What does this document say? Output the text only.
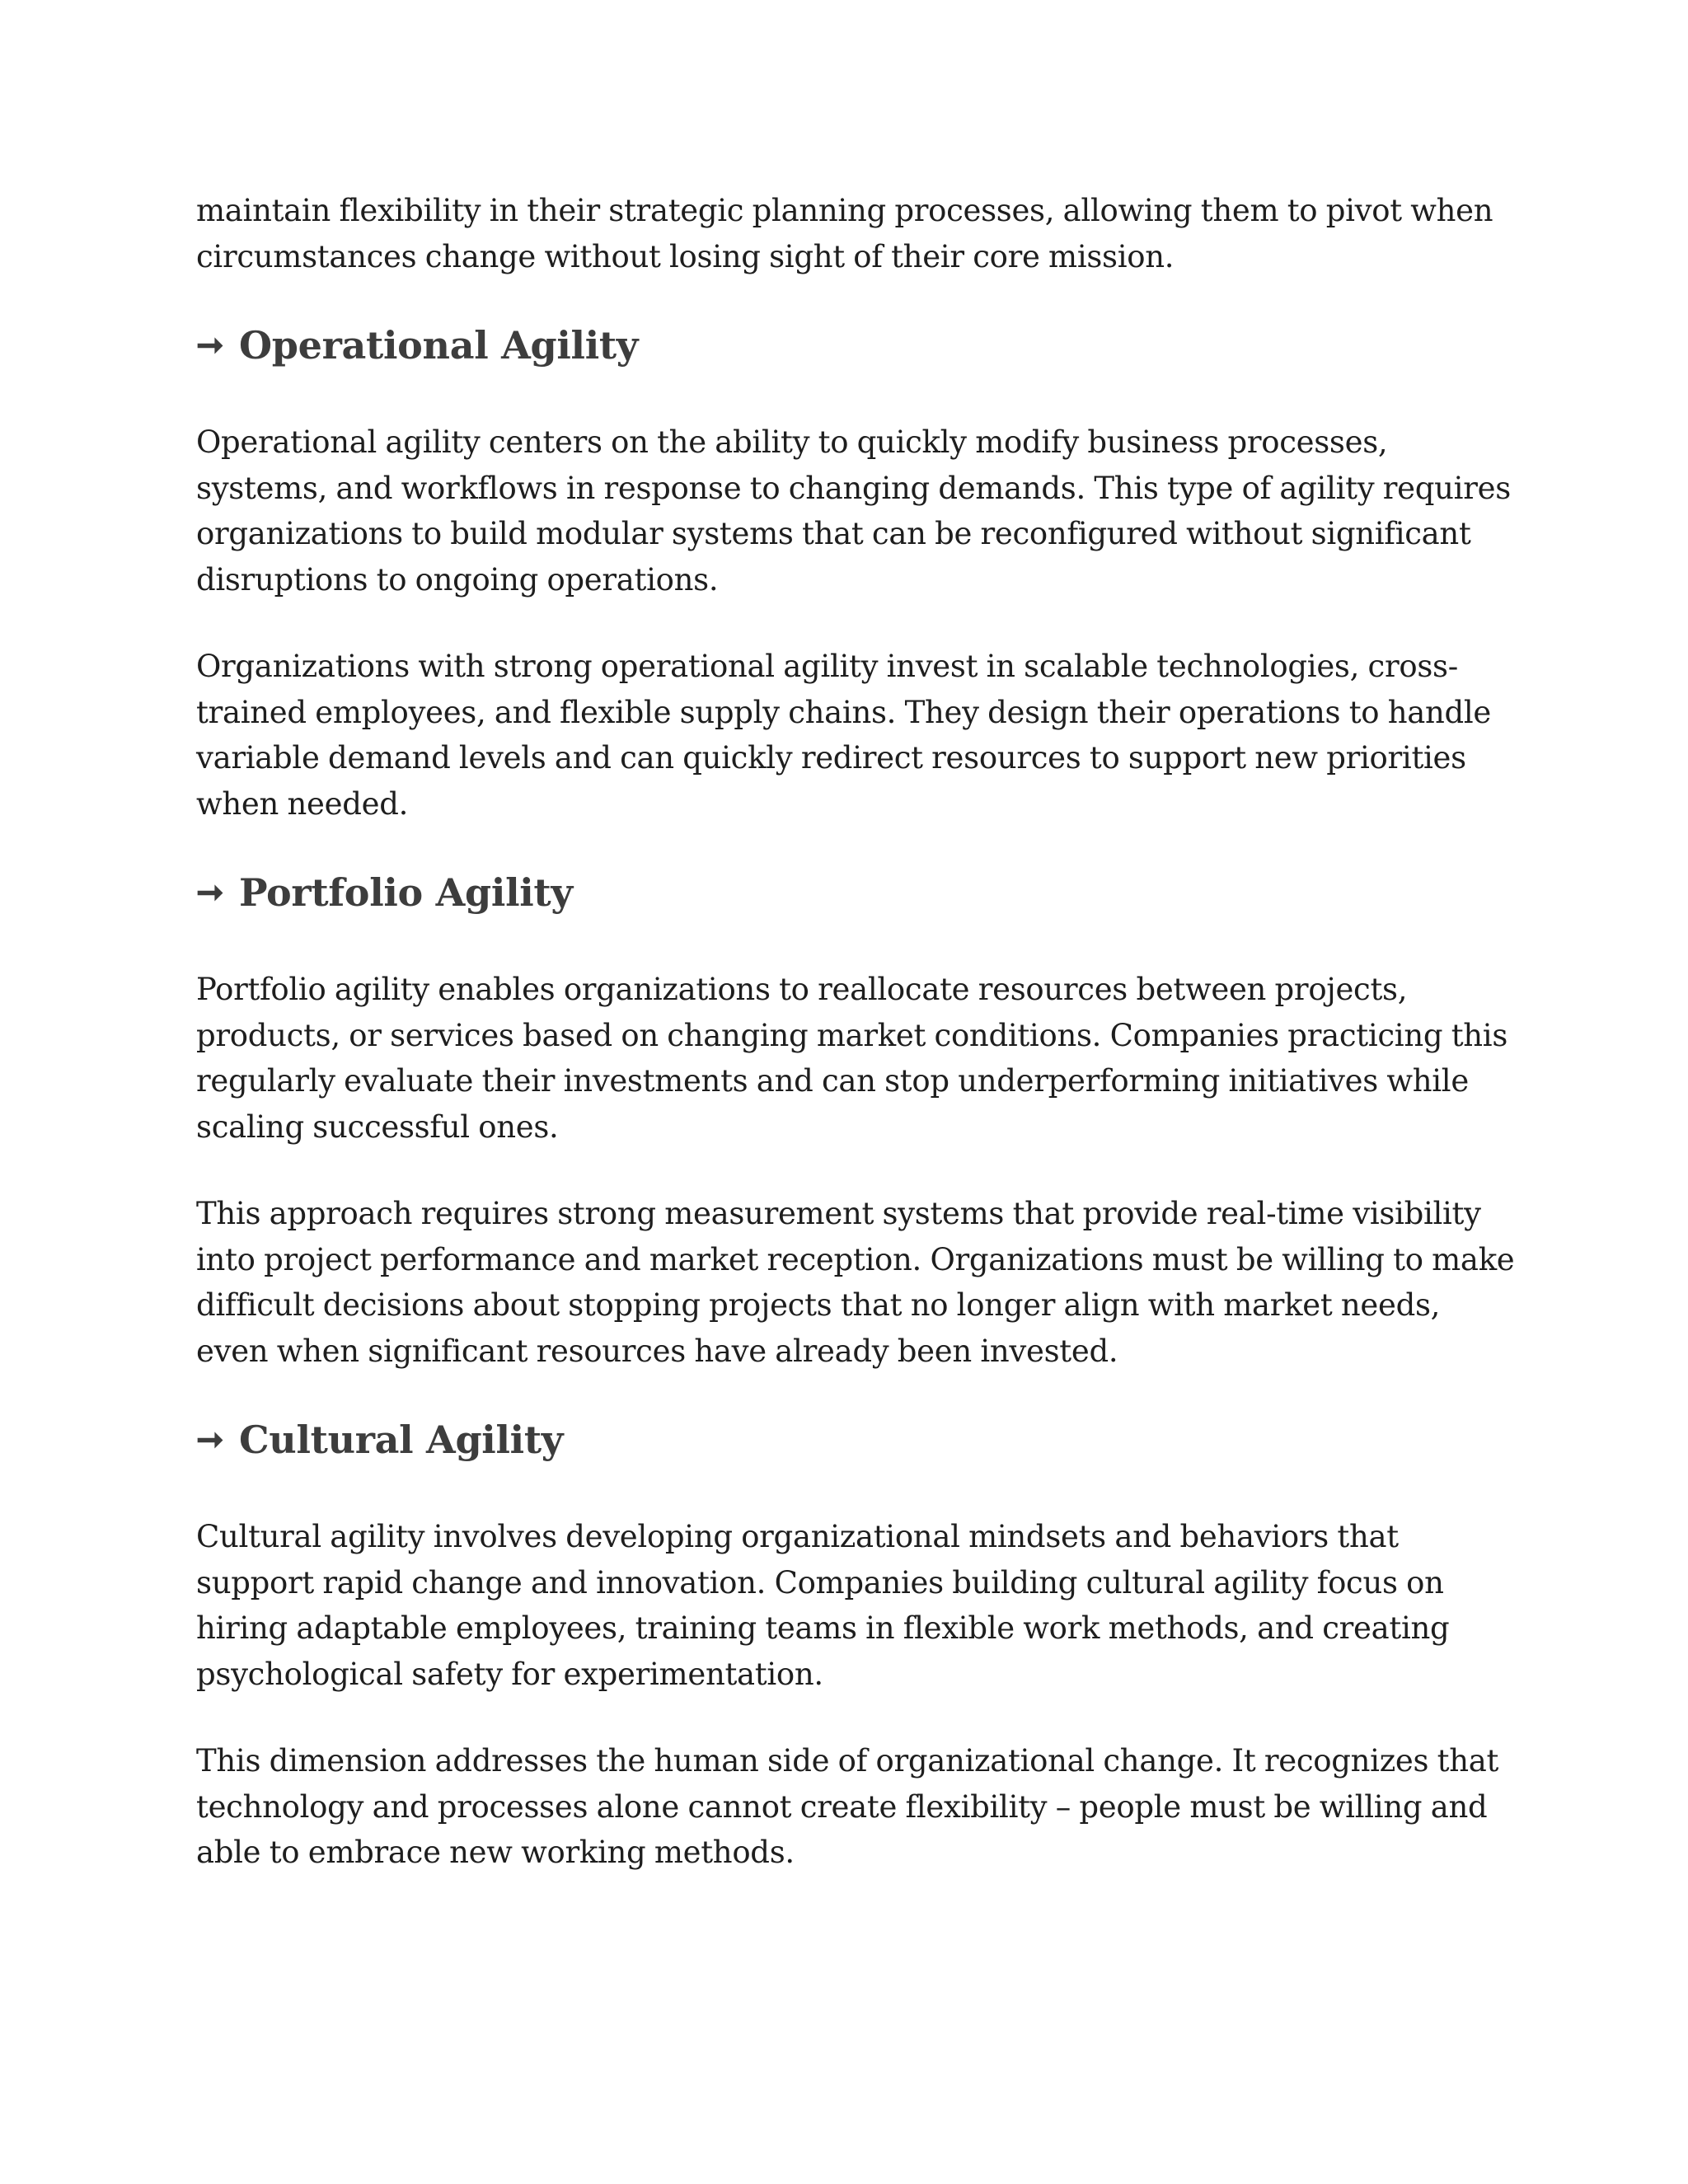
maintain flexibility in their strategic planning processes, allowing them to pivot when circumstances change without losing sight of their core mission.

➞ Operational Agility

Operational agility centers on the ability to quickly modify business processes, systems, and workflows in response to changing demands. This type of agility requires organizations to build modular systems that can be reconfigured without significant disruptions to ongoing operations.

Organizations with strong operational agility invest in scalable technologies, cross-trained employees, and flexible supply chains. They design their operations to handle variable demand levels and can quickly redirect resources to support new priorities when needed.

➞ Portfolio Agility

Portfolio agility enables organizations to reallocate resources between projects, products, or services based on changing market conditions. Companies practicing this regularly evaluate their investments and can stop underperforming initiatives while scaling successful ones.

This approach requires strong measurement systems that provide real-time visibility into project performance and market reception. Organizations must be willing to make difficult decisions about stopping projects that no longer align with market needs, even when significant resources have already been invested.

➞ Cultural Agility

Cultural agility involves developing organizational mindsets and behaviors that support rapid change and innovation. Companies building cultural agility focus on hiring adaptable employees, training teams in flexible work methods, and creating psychological safety for experimentation.

This dimension addresses the human side of organizational change. It recognizes that technology and processes alone cannot create flexibility – people must be willing and able to embrace new working methods.
